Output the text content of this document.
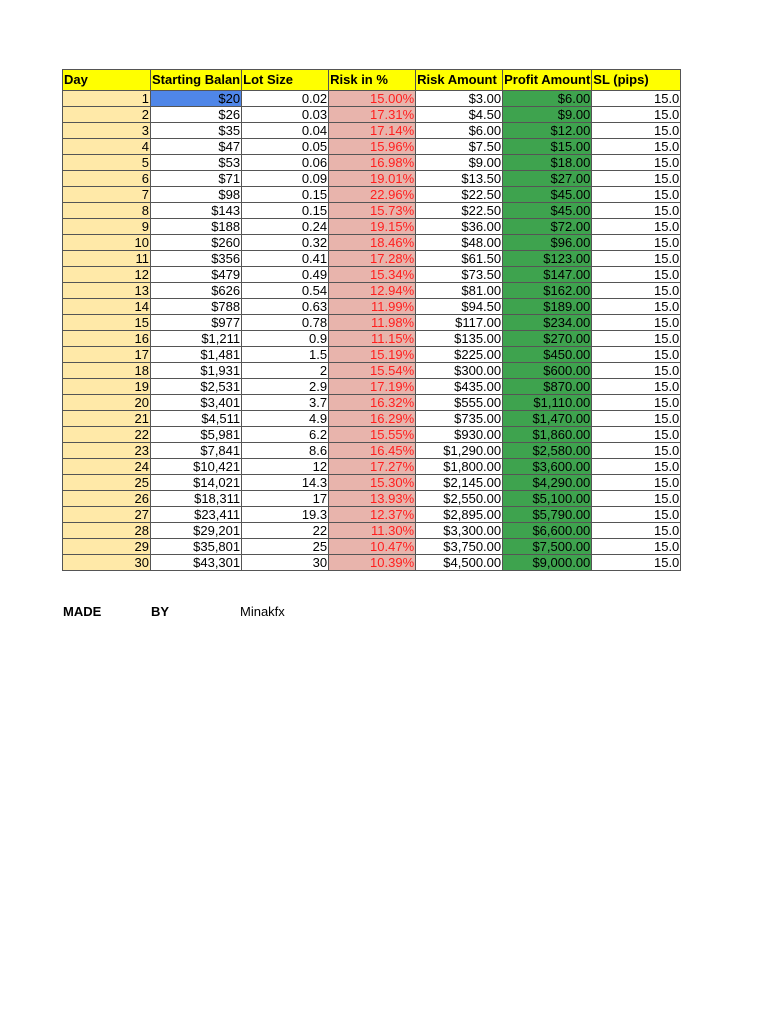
Day	Starting Balan	Lot Size	Risk in %	Risk Amount	Profit Amount	SL (pips)
1	$20	0.02	15.00%	$3.00	$6.00	15.0
2	$26	0.03	17.31%	$4.50	$9.00	15.0
3	$35	0.04	17.14%	$6.00	$12.00	15.0
4	$47	0.05	15.96%	$7.50	$15.00	15.0
5	$53	0.06	16.98%	$9.00	$18.00	15.0
6	$71	0.09	19.01%	$13.50	$27.00	15.0
7	$98	0.15	22.96%	$22.50	$45.00	15.0
8	$143	0.15	15.73%	$22.50	$45.00	15.0
9	$188	0.24	19.15%	$36.00	$72.00	15.0
10	$260	0.32	18.46%	$48.00	$96.00	15.0
11	$356	0.41	17.28%	$61.50	$123.00	15.0
12	$479	0.49	15.34%	$73.50	$147.00	15.0
13	$626	0.54	12.94%	$81.00	$162.00	15.0
14	$788	0.63	11.99%	$94.50	$189.00	15.0
15	$977	0.78	11.98%	$117.00	$234.00	15.0
16	$1,211	0.9	11.15%	$135.00	$270.00	15.0
17	$1,481	1.5	15.19%	$225.00	$450.00	15.0
18	$1,931	2	15.54%	$300.00	$600.00	15.0
19	$2,531	2.9	17.19%	$435.00	$870.00	15.0
20	$3,401	3.7	16.32%	$555.00	$1,110.00	15.0
21	$4,511	4.9	16.29%	$735.00	$1,470.00	15.0
22	$5,981	6.2	15.55%	$930.00	$1,860.00	15.0
23	$7,841	8.6	16.45%	$1,290.00	$2,580.00	15.0
24	$10,421	12	17.27%	$1,800.00	$3,600.00	15.0
25	$14,021	14.3	15.30%	$2,145.00	$4,290.00	15.0
26	$18,311	17	13.93%	$2,550.00	$5,100.00	15.0
27	$23,411	19.3	12.37%	$2,895.00	$5,790.00	15.0
28	$29,201	22	11.30%	$3,300.00	$6,600.00	15.0
29	$35,801	25	10.47%	$3,750.00	$7,500.00	15.0
30	$43,301	30	10.39%	$4,500.00	$9,000.00	15.0
MADE	BY	Minakfx
